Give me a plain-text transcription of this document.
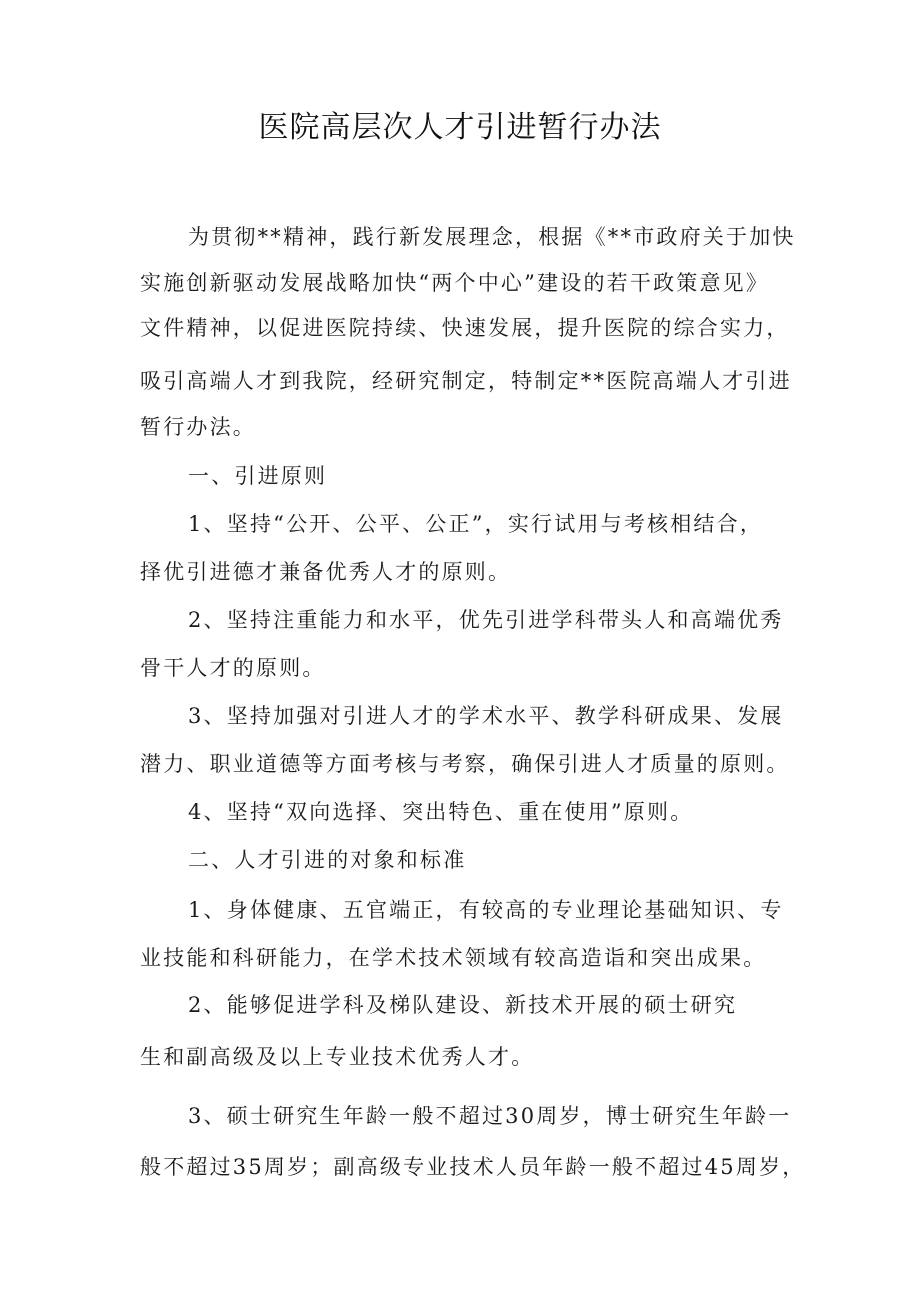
医院高层次人才引进暂行办法
为贯彻**精神，践行新发展理念，根据《**市政府关于加快
实施创新驱动发展战略加快“两个中心”建设的若干政策意见》
文件精神，以促进医院持续、快速发展，提升医院的综合实力，
吸引高端人才到我院，经研究制定，特制定**医院高端人才引进
暂行办法。
一、引进原则
1、坚持“公开、公平、公正”，实行试用与考核相结合，
择优引进德才兼备优秀人才的原则。
2、坚持注重能力和水平，优先引进学科带头人和高端优秀
骨干人才的原则。
3、坚持加强对引进人才的学术水平、教学科研成果、发展
潜力、职业道德等方面考核与考察，确保引进人才质量的原则。
4、坚持“双向选择、突出特色、重在使用”原则。
二、人才引进的对象和标准
1、身体健康、五官端正，有较高的专业理论基础知识、专
业技能和科研能力，在学术技术领域有较高造诣和突出成果。
2、能够促进学科及梯队建设、新技术开展的硕士研究
生和副高级及以上专业技术优秀人才。
3、硕士研究生年龄一般不超过30周岁，博士研究生年龄一
般不超过35周岁；副高级专业技术人员年龄一般不超过45周岁，
